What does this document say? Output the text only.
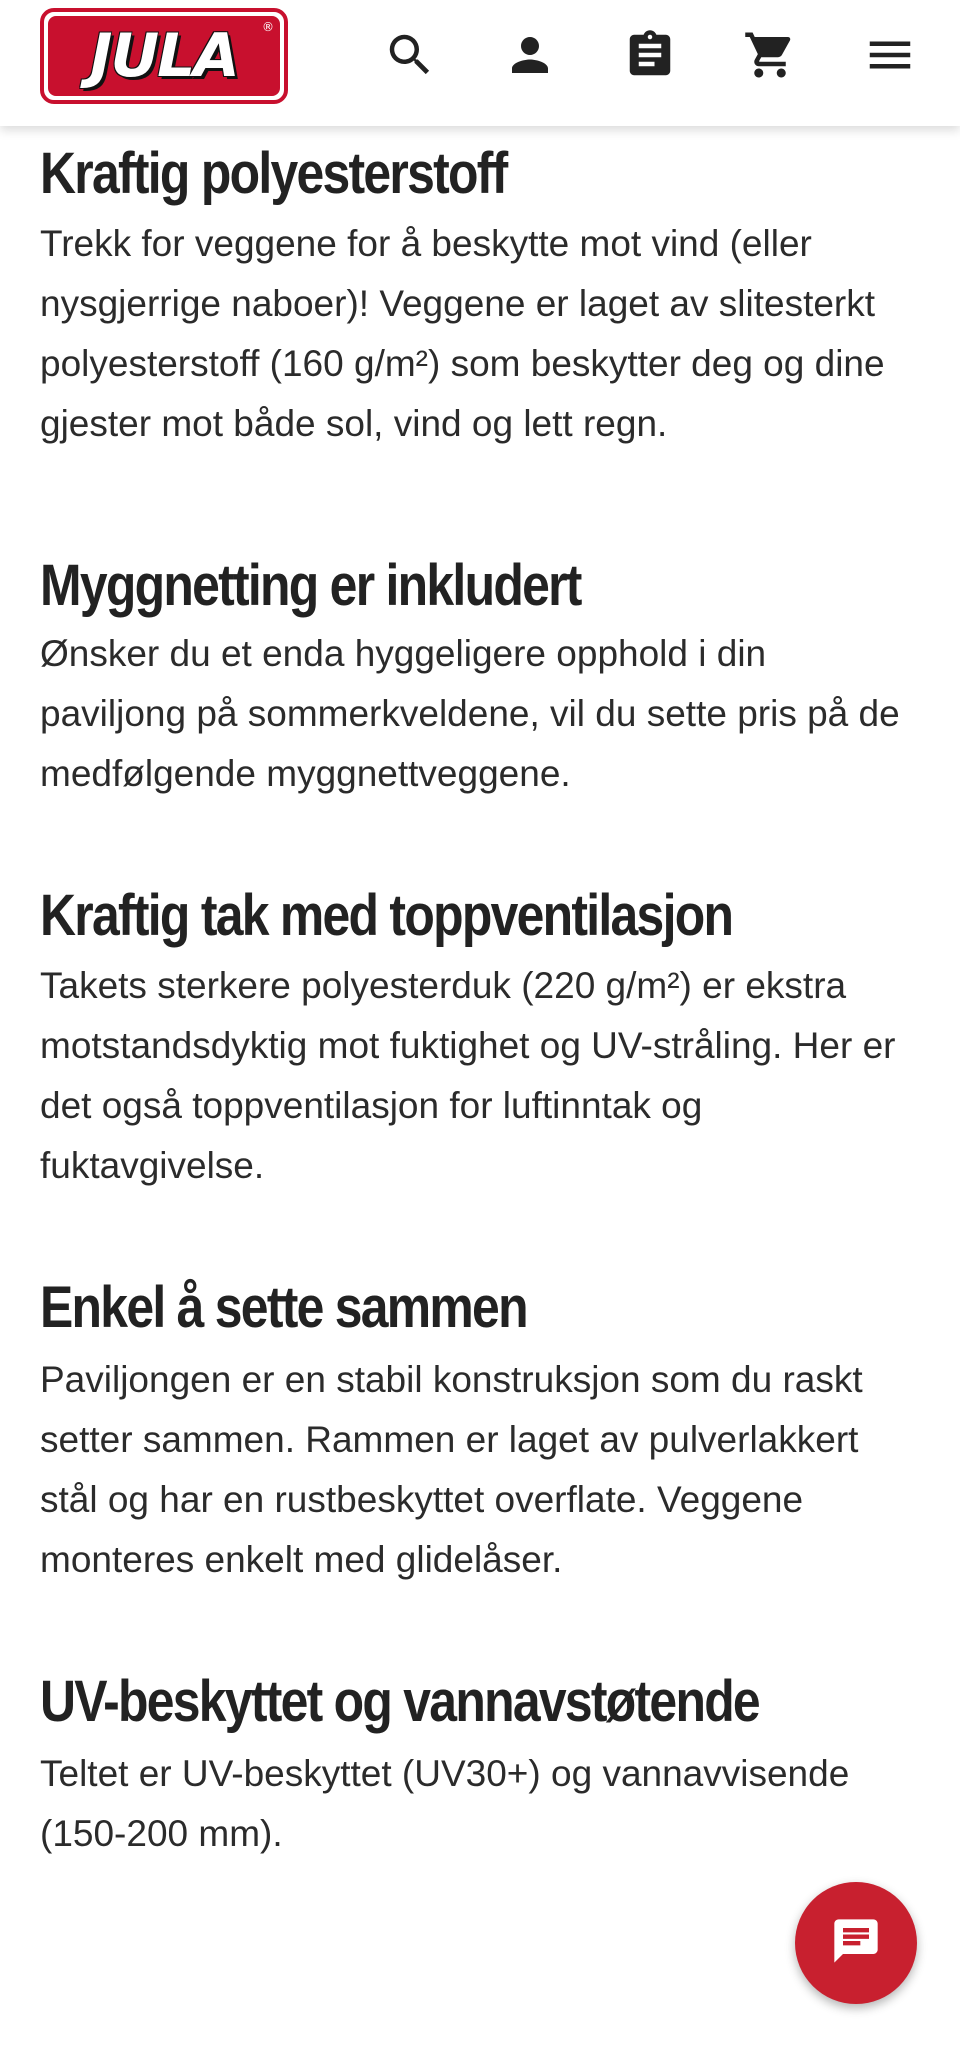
JULA ®
Kraftig polyesterstoff

Trekk for veggene for å beskytte mot vind (eller nysgjerrige naboer)! Veggene er laget av slitesterkt polyesterstoff (160 g/m²) som beskytter deg og dine gjester mot både sol, vind og lett regn.

Myggnetting er inkludert

Ønsker du et enda hyggeligere opphold i din paviljong på sommerkveldene, vil du sette pris på de medfølgende myggnettveggene.

Kraftig tak med toppventilasjon

Takets sterkere polyesterduk (220 g/m²) er ekstra motstandsdyktig mot fuktighet og UV-stråling. Her er det også toppventilasjon for luftinntak og fuktavgivelse.

Enkel å sette sammen

Paviljongen er en stabil konstruksjon som du raskt setter sammen. Rammen er laget av pulverlakkert stål og har en rustbeskyttet overflate. Veggene monteres enkelt med glidelåser.

UV-beskyttet og vannavstøtende

Teltet er UV-beskyttet (UV30+) og vannavvisende (150-200 mm).
